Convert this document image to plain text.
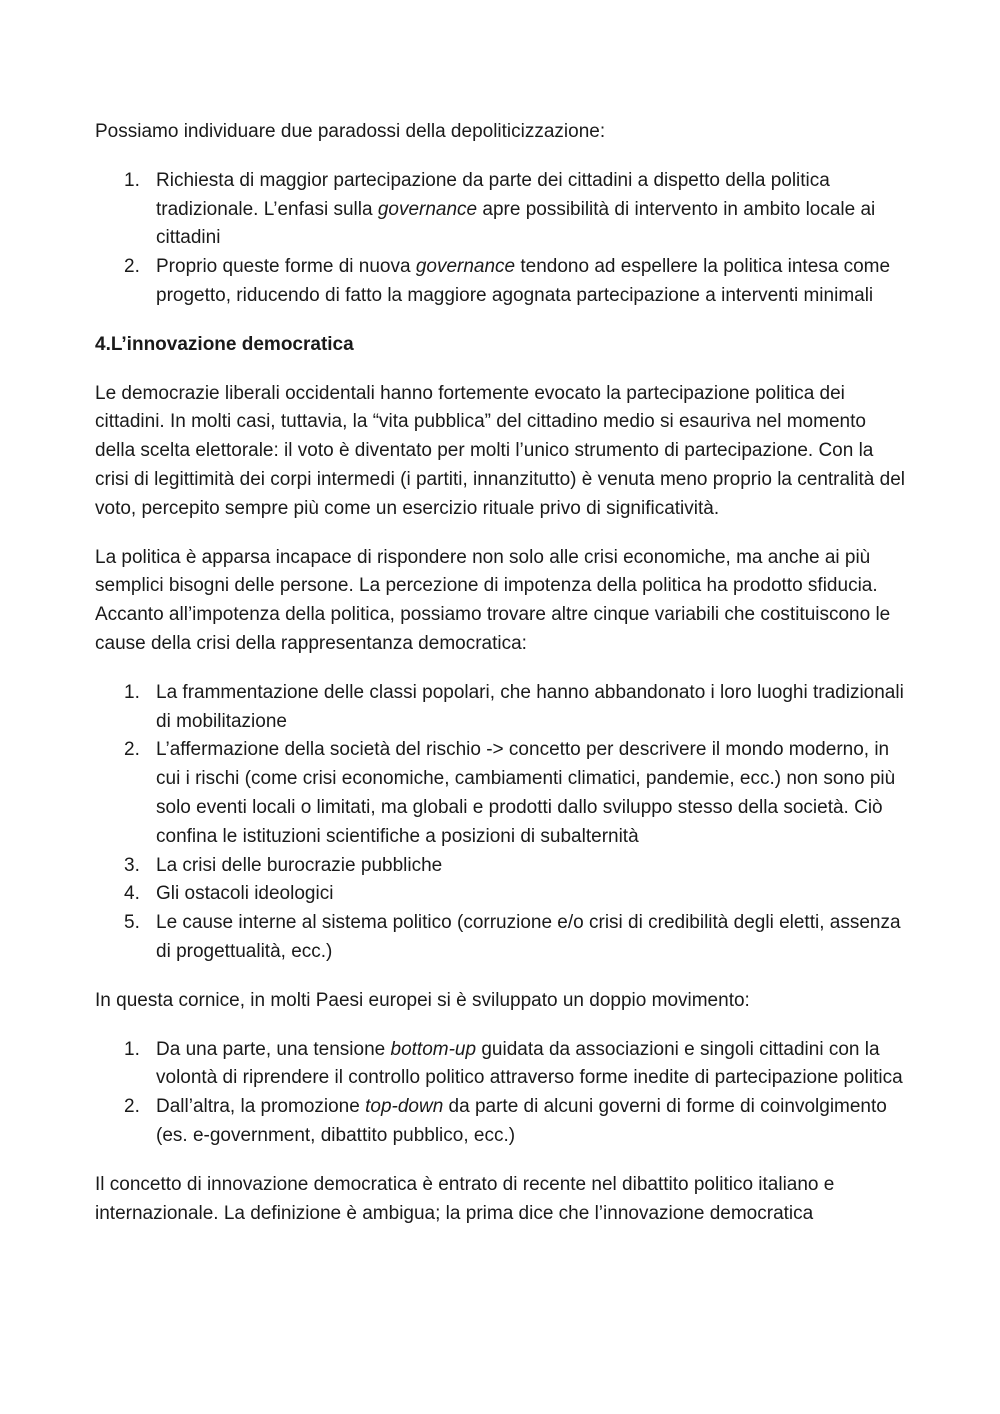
Possiamo individuare due paradossi della depoliticizzazione:

1. Richiesta di maggior partecipazione da parte dei cittadini a dispetto della politica tradizionale. L’enfasi sulla governance apre possibilità di intervento in ambito locale ai cittadini
2. Proprio queste forme di nuova governance tendono ad espellere la politica intesa come progetto, riducendo di fatto la maggiore agognata partecipazione a interventi minimali

4.L’innovazione democratica

Le democrazie liberali occidentali hanno fortemente evocato la partecipazione politica dei cittadini. In molti casi, tuttavia, la “vita pubblica” del cittadino medio si esauriva nel momento della scelta elettorale: il voto è diventato per molti l’unico strumento di partecipazione. Con la crisi di legittimità dei corpi intermedi (i partiti, innanzitutto) è venuta meno proprio la centralità del voto, percepito sempre più come un esercizio rituale privo di significatività.

La politica è apparsa incapace di rispondere non solo alle crisi economiche, ma anche ai più semplici bisogni delle persone. La percezione di impotenza della politica ha prodotto sfiducia. Accanto all’impotenza della politica, possiamo trovare altre cinque variabili che costituiscono le cause della crisi della rappresentanza democratica:

1. La frammentazione delle classi popolari, che hanno abbandonato i loro luoghi tradizionali di mobilitazione
2. L’affermazione della società del rischio -> concetto per descrivere il mondo moderno, in cui i rischi (come crisi economiche, cambiamenti climatici, pandemie, ecc.) non sono più solo eventi locali o limitati, ma globali e prodotti dallo sviluppo stesso della società. Ciò confina le istituzioni scientifiche a posizioni di subalternità
3. La crisi delle burocrazie pubbliche
4. Gli ostacoli ideologici
5. Le cause interne al sistema politico (corruzione e/o crisi di credibilità degli eletti, assenza di progettualità, ecc.)

In questa cornice, in molti Paesi europei si è sviluppato un doppio movimento:

1. Da una parte, una tensione bottom-up guidata da associazioni e singoli cittadini con la volontà di riprendere il controllo politico attraverso forme inedite di partecipazione politica
2. Dall’altra, la promozione top-down da parte di alcuni governi di forme di coinvolgimento (es. e-government, dibattito pubblico, ecc.)

Il concetto di innovazione democratica è entrato di recente nel dibattito politico italiano e internazionale. La definizione è ambigua; la prima dice che l’innovazione democratica
